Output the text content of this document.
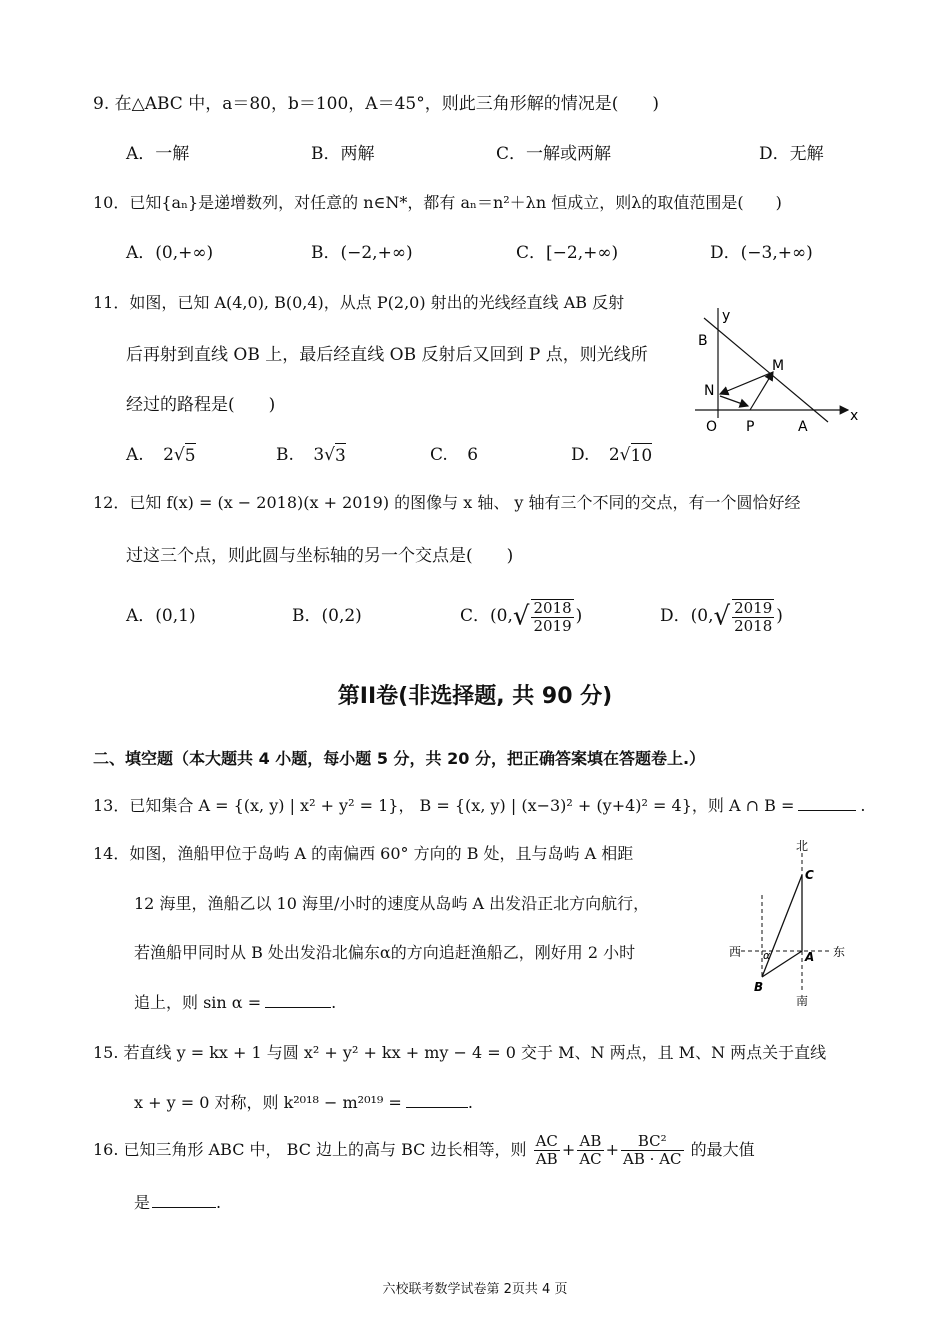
9. 在△ABC 中，a＝80，b＝100，A＝45°，则此三角形解的情况是(　　)
A．一解	B．两解	C．一解或两解	D．无解
10．已知{aₙ}是递增数列，对任意的 n∈N*，都有 aₙ＝n²＋λn 恒成立，则λ的取值范围是(　　)
A．(0,+∞)	B．(−2,+∞)	C．[−2,+∞)	D．(−3,+∞)
11．如图，已知 A(4,0), B(0,4)，从点 P(2,0) 射出的光线经直线 AB 反射
后再射到直线 OB 上，最后经直线 OB 反射后又回到 P 点，则光线所
经过的路程是(　　)
A. 2√5	B. 3√3	C. 6	D. 2√10
y
B
M
N
O P	A
x
12．已知 f(x) = (x − 2018)(x + 2019) 的图像与 x 轴、 y 轴有三个不同的交点，有一个圆恰好经
过这三个点，则此圆与坐标轴的另一个交点是(　　)
A．(0,1)	B．(0,2)	C．($0,√ \frac{2018}{2019}$ )	D．($0,√ \frac{2019}{2018}$ )
第II卷(非选择题, 共 90 分)
二、填空题（本大题共 4 小题，每小题 5 分，共 20 分，把正确答案填在答题卷上.）
13．已知集合 A = {(x, y) | x² + y² = 1}， B = {(x, y) | (x−3)² + (y+4)² = 4}，则 A ∩ B =	.
14．如图，渔船甲位于岛屿 A 的南偏西 60° 方向的 B 处，且与岛屿 A 相距
12 海里，渔船乙以 10 海里/小时的速度从岛屿 A 出发沿正北方向航行，
若渔船甲同时从 B 处出发沿北偏东α的方向追赶渔船乙，刚好用 2 小时
追上，则 sin α =	.
北
南
西	东
C
A
B
α
15. 若直线 y = kx + 1 与圆 x² + y² + kx + my − 4 = 0 交于 M、N 两点，且 M、N 两点关于直线
x + y = 0 对称，则 k²⁰¹⁸ − m²⁰¹⁹ =	.
16. 已知三角形 ABC 中， BC 边上的高与 BC 边长相等，则 $\frac{AC}{AB} + \frac{AB}{AC} + \frac{\text{BC²}}{AB \cdot AC}$ 的最大值
是	.
六校联考数学试卷第 2页共 4 页
